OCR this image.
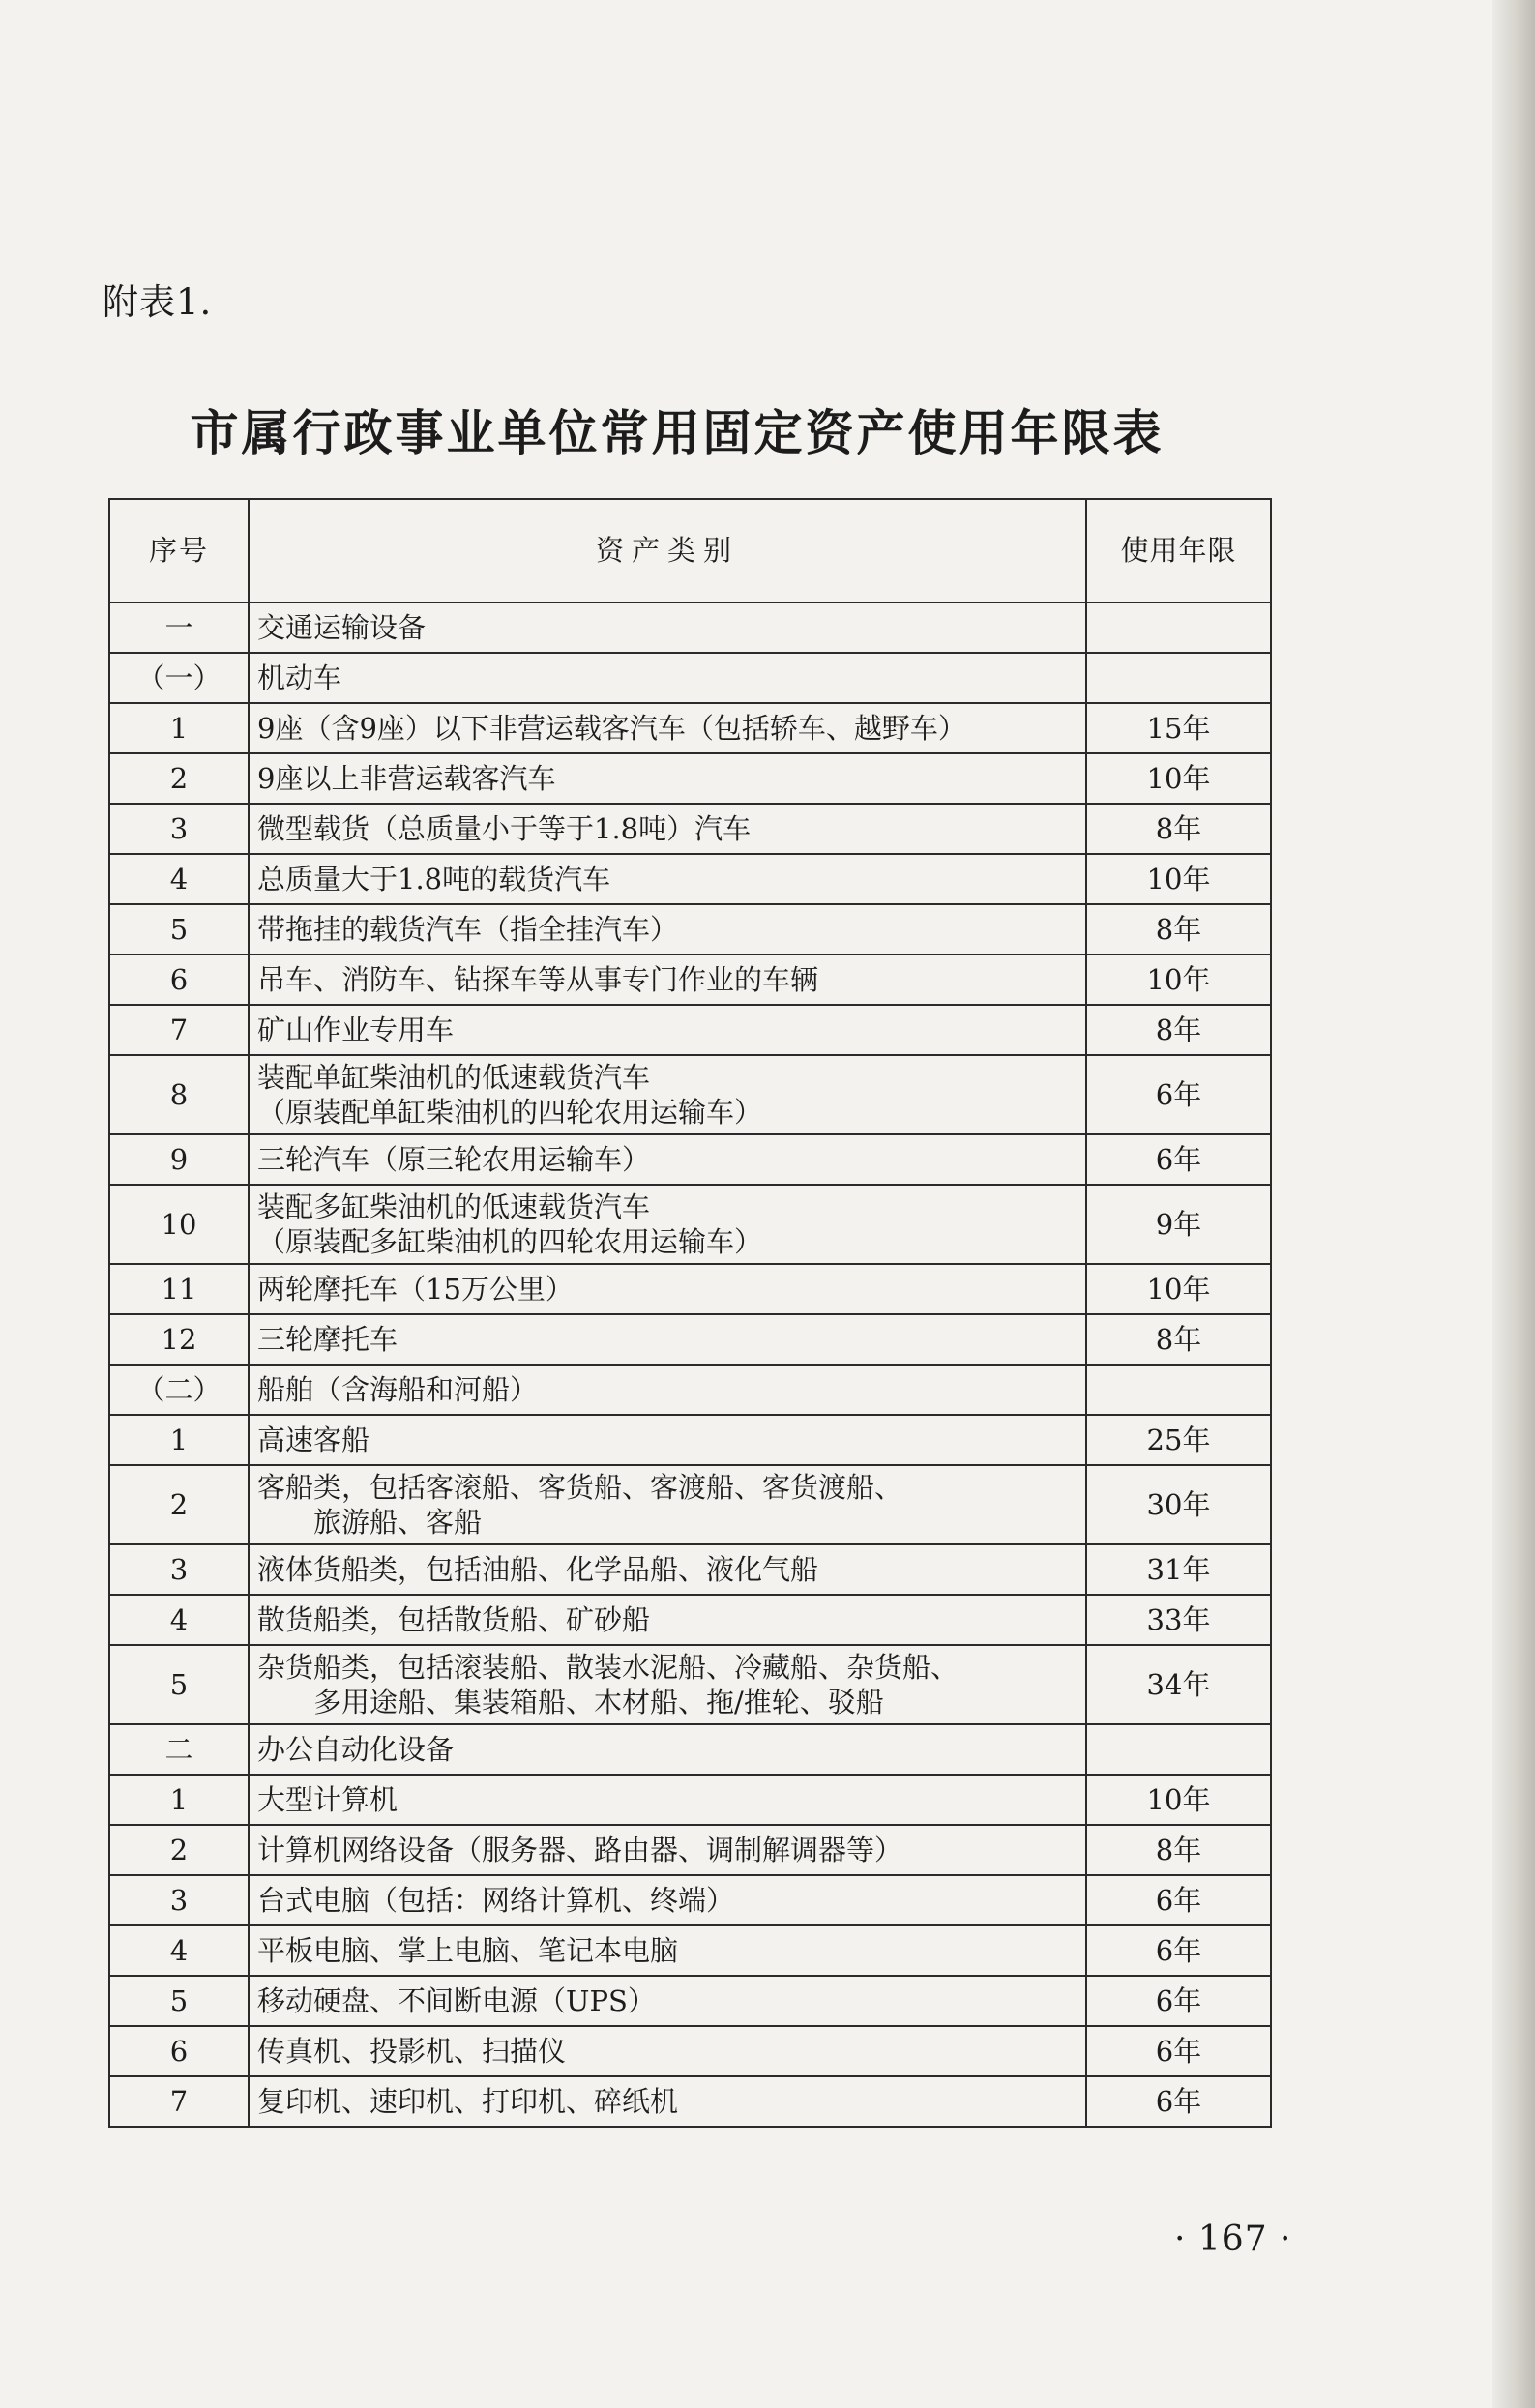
附表1.
市属行政事业单位常用固定资产使用年限表
序号	资产类别	使用年限
一	交通运输设备	

（一）	机动车	

1	9座（含9座）以下非营运载客汽车（包括轿车、越野车）	15年
2	9座以上非营运载客汽车	10年
3	微型载货（总质量小于等于1.8吨）汽车	8年
4	总质量大于1.8吨的载货汽车	10年
5	带拖挂的载货汽车（指全挂汽车）	8年
6	吊车、消防车、钻探车等从事专门作业的车辆	10年
7	矿山作业专用车	8年
8	装配单缸柴油机的低速载货汽车
（原装配单缸柴油机的四轮农用运输车）	6年
9	三轮汽车（原三轮农用运输车）	6年
10	装配多缸柴油机的低速载货汽车
（原装配多缸柴油机的四轮农用运输车）	9年
11	两轮摩托车（15万公里）	10年
12	三轮摩托车	8年
（二）	船舶（含海船和河船）	

1	高速客船	25年
2	客船类，包括客滚船、客货船、客渡船、客货渡船、
旅游船、客船	30年
3	液体货船类，包括油船、化学品船、液化气船	31年
4	散货船类，包括散货船、矿砂船	33年
5	杂货船类，包括滚装船、散装水泥船、冷藏船、杂货船、
多用途船、集装箱船、木材船、拖/推轮、驳船	34年
二	办公自动化设备	

1	大型计算机	10年
2	计算机网络设备（服务器、路由器、调制解调器等）	8年
3	台式电脑（包括：网络计算机、终端）	6年
4	平板电脑、掌上电脑、笔记本电脑	6年
5	移动硬盘、不间断电源（UPS）	6年
6	传真机、投影机、扫描仪	6年
7	复印机、速印机、打印机、碎纸机	6年
· 167 ·
